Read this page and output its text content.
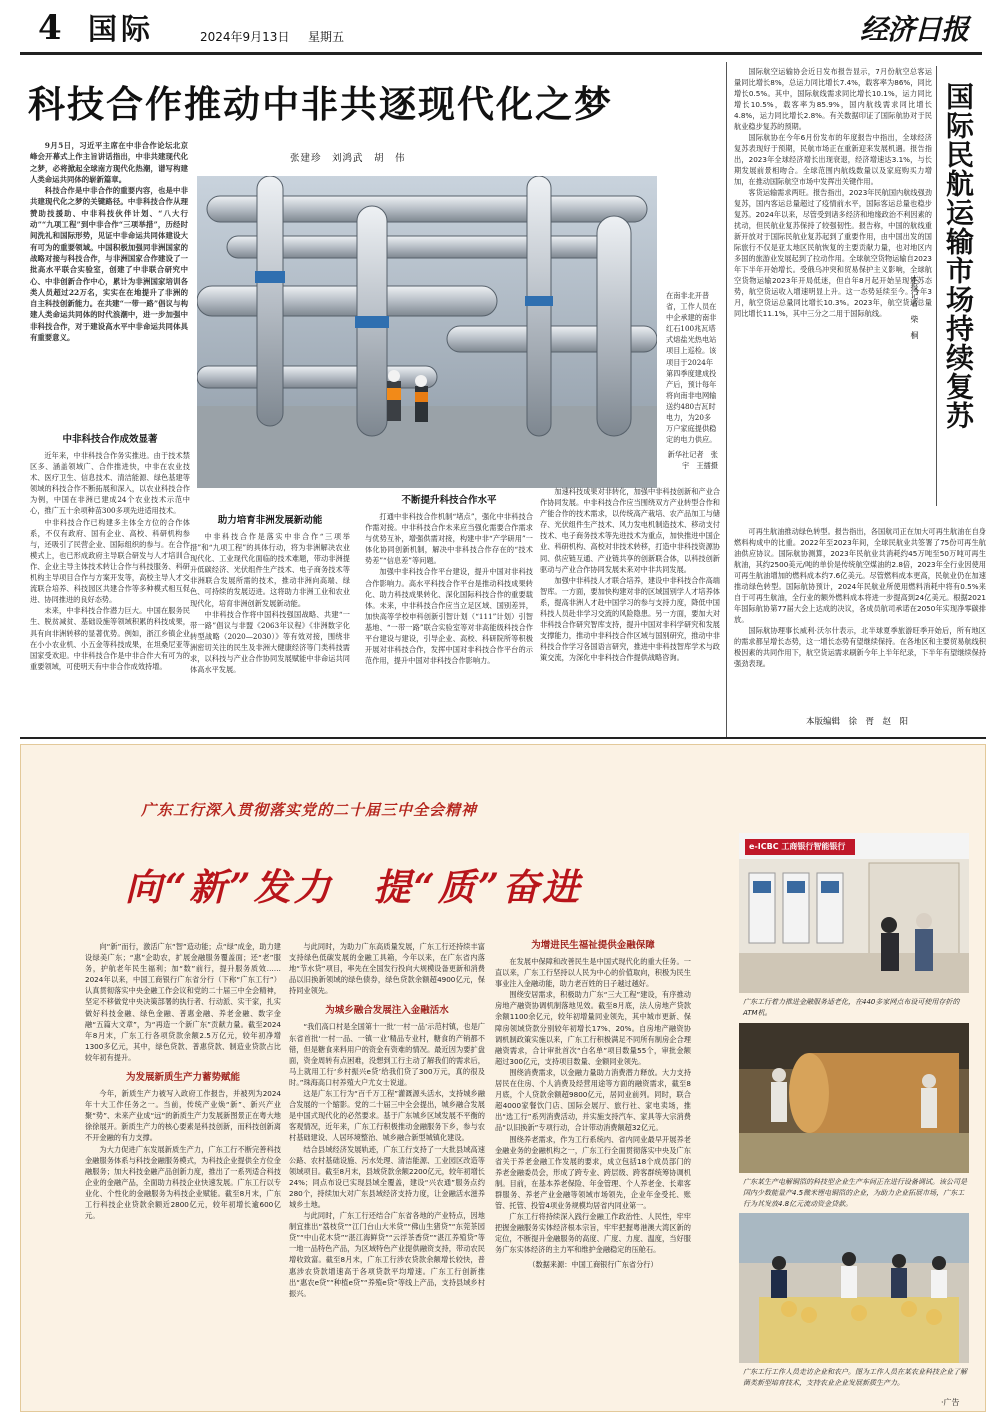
4 国际	2024年9月13日 星期五	经济日报
科技合作推动中非共逐现代化之梦
张建珍　刘鸿武　胡　伟

9月5日，习近平主席在中非合作论坛北京峰会开幕式上作主旨讲话指出，中非共建现代化之梦，必将掀起全球南方现代化热潮，谱写构建人类命运共同体的崭新篇章。

科技合作是中非合作的重要内容，也是中非共建现代化之梦的关键路径。中非科技合作从理赞助技援助、中非科技伙伴计划、“八大行动”“九项工程”到中非合作“三项举措”，历经时间洗礼和国际形势，见证中非命运共同体建设大有可为的重要领域。中国积极加强同非洲国家的战略对接与科技合作，与非洲国家合作建设了一批高水平联合实验室，创建了中非联合研究中心、中非创新合作中心，累计为非洲国家培训各类人员超过22万名，实实在在地提升了非洲的自主科技创新能力。在共建“一带一路”倡议与构建人类命运共同体的时代浪潮中，进一步加强中非科技合作，对于建设高水平中非命运共同体具有重要意义。

在南非北开普省，工作人员在中企承建的南非红石100兆瓦塔式熔盐光热电站项目上巡检。该项目于2024年第四季度建成投产后，预计每年将向南非电网输送约480吉瓦时电力，为20多万户家庭提供稳定的电力供应。
新华社记者　张宇　王擂摄
中非科技合作成效显著

近年来，中非科技合作务实推进。由于技术禁区多、涵盖领域广、合作推进快，中非在农业技术、医疗卫生、信息技术、清洁能源、绿色基建等领域的科技合作不断拓展和深入，以农业科技合作为例，中国在非洲已建成24个农业技术示范中心，推广五十余项种苗300多项先进适用技术。

中非科技合作已构建多主体全方位的合作体系，不仅有政府、国有企业、高校、科研机构参与，还吸引了民营企业、国际组织的参与。在合作模式上，也已形成政府主导联合研发与人才培训合作、企业主导主体技术转让合作与科技服务、科研机构主导项目合作与方案开发等，高校主导人才交流联合培养、科技园区共建合作等多种模式相互促进、协同推进的良好态势。

未来，中非科技合作潜力巨大。中国在服务民生、脱贫减贫、基础设施等领域积累的科技成果，具有向非洲转移的显著优势。例如，浙江乡镇企业在小小农业机、小五金等科技成果，在坦桑尼亚等国家受欢迎。中非科技合作是中非合作大有可为的重要领域，可使明天有中非合作成效持增。

助力培育非洲发展新动能

中非科技合作是落实中非合作“三项举措”和“九项工程”的具体行动，将为非洲解决农业现代化、工业现代化面临的技术难题，带动非洲提升低碳经济、光伏组件生产技术、电子商务技术等非洲联合发展所需的技术，推动非洲向高端、绿色、可持续的发展迈进。这将助力非洲工业和农业现代化，培育非洲创新发展新动能。

中非科技合作将中国科技强国战略、共建“一带一路”倡议与非盟《2063年议程》《非洲数字化转型战略（2020—2030）》等有效对接，围绕非洲密切关注的民生及非洲大健康经济等门类科技需求，以科技与产业合作协同发展赋能中非命运共同体高水平发展。

不断提升科技合作水平

打通中非科技合作机制“堵点”，强化中非科技合作需对接。中非科技合作未来应当强化需要合作需求与优势互补，增强供需对接，构建中非“产学研用”一体化协同创新机制，解决中非科技合作存在的“技术势差”“信息差”等问题。

加强中非科技合作平台建设，提升中国对非科技合作影响力。高水平科技合作平台是推动科技成果转化、助力科技成果转化、深化国际科技合作的重要载体。未来，中非科技合作应当立足区域、国别差异，加快高等学校申科创新引智计划（“111”计划）引智基地、“一带一路”联合实验室等对非高能级科技合作平台建设与建设，引导企业、高校、科研院所等积极开展对非科技合作，发挥中国对非科技合作平台的示范作用，提升中国对非科技合作影响力。

加速科技成果对非转化，加强中非科技创新和产业合作协同发展。中非科技合作应当围绕双方产业转型合作和产能合作的技术需求，以传统高产栽培、农产品加工与储存、光伏组件生产技术、风力发电机制造技术、移动支付技术、电子商务技术等先进技术为重点，加快推进中国企业、科研机构、高校对非技术转移，打造中非科技资源协同、供应链互通、产业链共享的创新联合体，以科技创新驱动与产业合作协同发展未来对中非共同发展。

加强中非科技人才联合培养，建设中非科技合作高端智库。一方面，要加快构建对非的区域国别学人才培养体系，提高非洲人才赴中国学习的参与支持力度，降低中国科技人员赴非学习交流的风险隐患。另一方面，要加大对非科技合作研究智库支持，提升中国对非科学研究和发展支撑能力，推动中非科技合作区域与国别研究，推动中非科技合作学习各国语言研究，推进中非科技智库学术与政策交流，为深化中非科技合作提供战略咨询。

国际航空运输协会近日发布报告显示，7月份航空总客运量同比增长8%，总运力同比增长7.4%，载客率为86%，同比增长0.5%。其中，国际航线需求同比增长10.1%，运力同比增长10.5%，载客率为85.9%，国内航线需求同比增长4.8%，运力同比增长2.8%。有关数据印证了国际航协对于民航业稳步复苏的预期。

国际航协在今年6月份发布的年度报告中指出，全球经济复苏表现好于预期，民航市场正在重新迎来发展机遇。报告指出，2023年全球经济增长出现衰退，经济增速达3.1%，与长期发展前景相吻合。全球范围内航线数量以及家庭购买力增加，在推动国际航空市场中发挥出关键作用。

客货运输需求两旺。报告指出，2023年民航国内航线强劲复苏，国内客运总量超过了疫情前水平，国际客运总量也稳步复苏。2024年以来，尽管受到诸多经济和地缘政治不利因素的扰动，但民航业复苏保持了较强韧性。报告称，中国的航线重新开放对于国际民航业复苏起到了重要作用，由中国出发的国际旅行不仅是亚太地区民航恢复的主要贡献力量，也对地区内多国的旅游业发展起到了拉动作用。全球航空货物运输自2023年下半年开始增长。受俄乌冲突和贸易保护主义影响，全球航空货物运输2023年开局低迷，但自年8月起开始呈现复苏态势，航空货运收入增速明显上升。这一态势延续至今。今年3月，航空货运总量同比增长10.3%。2023年，航空货运总量同比增长11.1%，其中三分之二用于国际航线。	国际民航运输市场持续复苏
本报记者　柴　桐

可再生航油推动绿色转型。报告指出，各国航司正在加大可再生航油在自身燃料构成中的比重。2022年至2023年间，全球民航业共签署了75份可再生航油供应协议。国际航协测算，2023年民航业共消耗约45万吨至50万吨可再生航油，其约2500美元/吨的单价是传统航空煤油的2.8倍，2023年全行业因使用可再生航油增加的燃料成本约7.6亿美元。尽管燃料成本更高，民航业仍在加速推动绿色转型。国际航协预计，2024年民航业所使用燃料消耗中将有0.5%来自于可再生航油，全行业的额外燃料成本将进一步提高到24亿美元。根据2021年国际航协第77届大会上达成的决议，各成员航司承诺在2050年实现净零碳排放。

国际航协理事长威利·沃尔什表示，北半球夏季旅游旺季开始后，所有地区的需求都呈增长态势，这一增长态势有望继续保持。在各地区和主要贸易航线积极因素的共同作用下，航空货运需求刷新今年上半年纪录，下半年有望继续保持强劲表现。

本版编辑　徐　胥　赵　阳
广东工行深入贯彻落实党的二十届三中全会精神
向“新”发力　提“质”奋进

向“新”而行，激活广东“智”造动能；点“绿”成金，助力建设绿美广东；“惠”企助农，扩展金融服务覆盖面；还“老”服务，护航老年民生福利；加“数”前行，提升服务质效……2024年以来，中国工商银行广东省分行（下称“广东工行”）认真贯彻落实中央金融工作会议和党的二十届三中全会精神，坚定不移做党中央决策部署的执行者、行动派、实干家，扎实做好科技金融、绿色金融、普惠金融、养老金融、数字金融“五篇大文章”，为“再造一个新广东”贡献力量。截至2024年8月末，广东工行各项贷款余额2.5万亿元，较年初净增1300多亿元，其中，绿色贷款、普惠贷款、制造业贷款占比较年初有提升。

为发展新质生产力蓄势赋能

今年，新质生产力被写入政府工作报告，并被列为2024年十大工作任务之一。当前，传统产业焕“新”、新兴产业聚“势”、未来产业成“远”的新质生产力发展新图景正在粤大地徐徐展开。新质生产力的核心要素是科技创新，而科技创新离不开金融的有力支撑。

为大力促进广东发展新质生产力，广东工行不断完善科技金融服务体系与科技金融服务模式，为科技企业提供全方位金融服务；加大科技金融产品创新力度，推出了一系列适合科技企业的金融产品，全面助力科技企业快速发展。广东工行以专业化、个性化的金融服务为科技企业赋能。截至8月末，广东工行科技企业贷款余额近2800亿元，较年初增长逾600亿元。

与此同时，为助力广东高质量发展，广东工行还持续丰富支持绿色低碳发展的金融工具箱，今年以来，在广东省内落地“节水贷”项目，率先在全国发行投向大规模设备更新和消费品以旧换新领域的绿色债券，绿色贷款余额超4900亿元，保持同业领先。

为城乡融合发展注入金融活水

“我们高口村是全国第十一批‘一村一品’示范村镇，也是广东省首批‘一村一品、一镇一业’精品专业村，糖食的产销都不错，但是糖食来料用户的资金有资难的情况。最近因为要扩盘面，资金周转有点困难，没想到工行主动了解我们的需求后，马上就用工行‘乡村振兴e贷’给我们贷了300万元，真的很及时。”珠海高口村养殖大户尤女士说道。

这是广东工行为“百千万工程”灌溉源头活水，支持城乡融合发展的一个缩影。党的二十届三中全会提出，城乡融合发展是中国式现代化的必然要求。基于广东城乡区域发展不平衡的客观情况，近年来，广东工行积极推动金融服务下乡，参与农村基础建设、人居环境整治、城乡融合新型城镇化建设。

结合县域经济发展轨迹，广东工行支持了一大批县域高速公路、农村基础设施、污水处理、清洁能源、工业园区改造等领域项目。截至8月末，县域贷款余额2200亿元，较年初增长24%；同点布设已实现县域全覆盖，建设“兴农通”服务点约280个，持续加大对广东县域经济支持力度，让金融活水滋养城乡土地。

与此同时，广东工行还结合广东省各地的产业特点，因地制宜推出“荔枝贷”“江门台山大米贷”“佛山生猪贷”“东莞茶园贷”“中山花木贷”“湛江海鲜贷”“云浮茶香贷”“湛江养殖贷”等一地一品特色产品，为区域特色产业提供融资支持，带动农民增收致富。截至8月末，广东工行涉农贷款余额增长较快，普惠涉农贷款增速高于各项贷款平均增速。广东工行创新推出“惠农e贷”“种植e贷”“养殖e贷”等线上产品，支持县域乡村振兴。

为增进民生福祉提供金融保障

在发展中保障和改善民生是中国式现代化的重大任务。一直以来，广东工行坚持以人民为中心的价值取向，积极为民生事业注入金融动能，助力老百姓的日子越过越好。

围绕安居需求，积极助力广东“三大工程”建设，有序推动房地产融资协调机制落地见效。截至8月底，法人房地产贷款余额1100余亿元，较年初增量同业领先，其中城市更新、保障房领域贷款分别较年初增长17%、20%。自房地产融资协调机制政策实施以来，广东工行积极满足不同所有制房企合理融资需求，合计审批首次“白名单”项目数量55个，审批金额超过300亿元，支持项目数量、金额同业领先。

围绕消费需求，以金融力量助力消费潜力释放。大力支持居民在住房、个人消费及经营用途等方面的融资需求，截至8月底，个人贷款余额超9800亿元，居同业前列。同时，联合超4000家餐饮门店、国际会展厅、旅行社、家电卖场，推出“选工行”系列消费活动，并实施支持汽车、家具等大宗消费品“以旧换新”专项行动，合计带动消费额超32亿元。

围绕养老需求，作为工行系统内、省内同业最早开展养老金融业务的金融机构之一，广东工行全面贯彻落实中央及广东省关于养老金融工作发展的要求，成立包括18个成员部门的养老金融委员会，形成了跨专业、跨层级、跨客群统筹协调机制。目前，在基本养老保险、年金管理、个人养老金、长辈客群服务、养老产业金融等领域市场领先，企业年金受托、账管、托管、投管4项业务规模均居省内同业第一。

广东工行将持续深入践行金融工作政治性、人民性，牢牢把握金融服务实体经济根本宗旨，牢牢把握粤港澳大湾区新的定位，不断提升金融服务的高度、广度、力度、温度，当好服务广东实体经济的主力军和维护金融稳定的压舱石。

（数据来源：中国工商银行广东省分行）
e-ICBC 工商银行智能银行
广东工行着力推进金融服务适老化，在440多家网点布设可使用存折的ATM机。
广东某生产电解铜箔的科技型企业生产车间正在进行设备调试。该公司是国内少数能量产4.5微米锂电铜箔的企业，为助力企业拓展市场，广东工行为其发放4.8亿元流动资金贷款。
广东工行工作人员走访企业和农户。图为工作人员在某农业科技企业了解菌类新型培育技术，支持农业企业发展新质生产力。
·广告
